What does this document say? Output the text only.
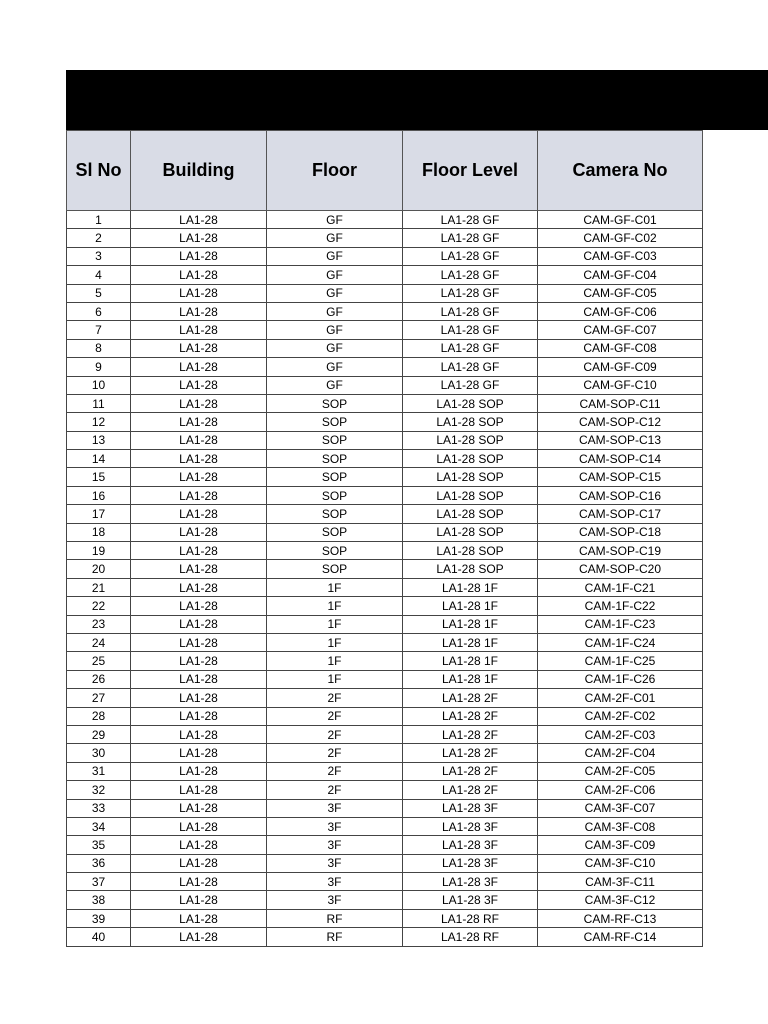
Sl No	Building	Floor	Floor Level	Camera No
1	LA1-28	GF	LA1-28 GF	CAM-GF-C01
2	LA1-28	GF	LA1-28 GF	CAM-GF-C02
3	LA1-28	GF	LA1-28 GF	CAM-GF-C03
4	LA1-28	GF	LA1-28 GF	CAM-GF-C04
5	LA1-28	GF	LA1-28 GF	CAM-GF-C05
6	LA1-28	GF	LA1-28 GF	CAM-GF-C06
7	LA1-28	GF	LA1-28 GF	CAM-GF-C07
8	LA1-28	GF	LA1-28 GF	CAM-GF-C08
9	LA1-28	GF	LA1-28 GF	CAM-GF-C09
10	LA1-28	GF	LA1-28 GF	CAM-GF-C10
11	LA1-28	SOP	LA1-28 SOP	CAM-SOP-C11
12	LA1-28	SOP	LA1-28 SOP	CAM-SOP-C12
13	LA1-28	SOP	LA1-28 SOP	CAM-SOP-C13
14	LA1-28	SOP	LA1-28 SOP	CAM-SOP-C14
15	LA1-28	SOP	LA1-28 SOP	CAM-SOP-C15
16	LA1-28	SOP	LA1-28 SOP	CAM-SOP-C16
17	LA1-28	SOP	LA1-28 SOP	CAM-SOP-C17
18	LA1-28	SOP	LA1-28 SOP	CAM-SOP-C18
19	LA1-28	SOP	LA1-28 SOP	CAM-SOP-C19
20	LA1-28	SOP	LA1-28 SOP	CAM-SOP-C20
21	LA1-28	1F	LA1-28 1F	CAM-1F-C21
22	LA1-28	1F	LA1-28 1F	CAM-1F-C22
23	LA1-28	1F	LA1-28 1F	CAM-1F-C23
24	LA1-28	1F	LA1-28 1F	CAM-1F-C24
25	LA1-28	1F	LA1-28 1F	CAM-1F-C25
26	LA1-28	1F	LA1-28 1F	CAM-1F-C26
27	LA1-28	2F	LA1-28 2F	CAM-2F-C01
28	LA1-28	2F	LA1-28 2F	CAM-2F-C02
29	LA1-28	2F	LA1-28 2F	CAM-2F-C03
30	LA1-28	2F	LA1-28 2F	CAM-2F-C04
31	LA1-28	2F	LA1-28 2F	CAM-2F-C05
32	LA1-28	2F	LA1-28 2F	CAM-2F-C06
33	LA1-28	3F	LA1-28 3F	CAM-3F-C07
34	LA1-28	3F	LA1-28 3F	CAM-3F-C08
35	LA1-28	3F	LA1-28 3F	CAM-3F-C09
36	LA1-28	3F	LA1-28 3F	CAM-3F-C10
37	LA1-28	3F	LA1-28 3F	CAM-3F-C11
38	LA1-28	3F	LA1-28 3F	CAM-3F-C12
39	LA1-28	RF	LA1-28 RF	CAM-RF-C13
40	LA1-28	RF	LA1-28 RF	CAM-RF-C14
